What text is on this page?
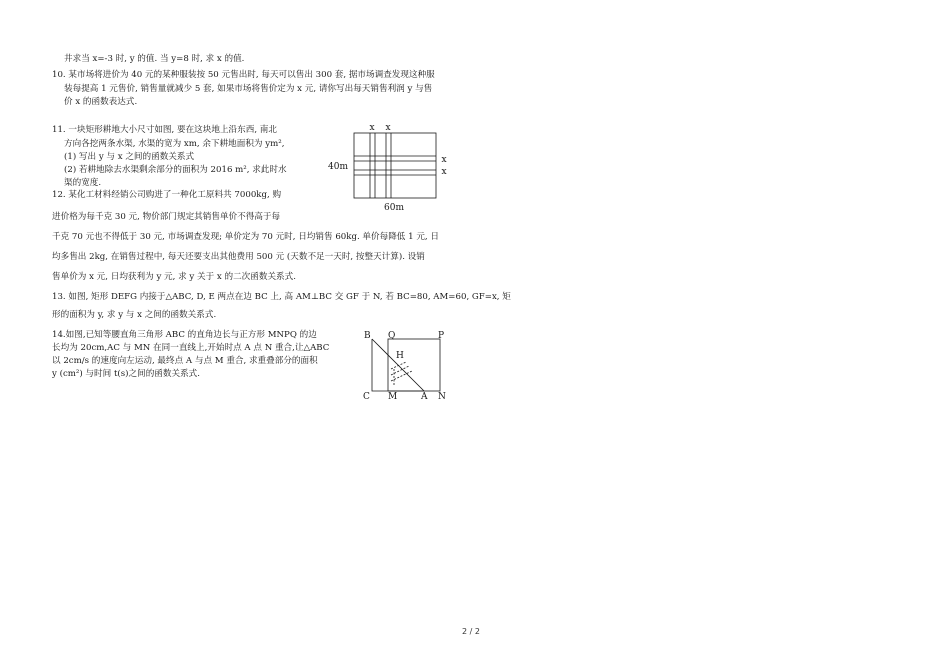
井求当 x=-3 时, y 的值. 当 y=8 时, 求 x 的值.
10. 某市场将进价为 40 元的某种服装按 50 元售出时, 每天可以售出 300 套, 据市场调查发现这种服
装每提高 1 元售价, 销售量就减少 5 套, 如果市场将售价定为 x 元, 请你写出每天销售利润 y 与售
价 x 的函数表达式.
11. 一块矩形耕地大小尺寸如图, 要在这块地上沿东西, 南北
方向各挖两条水渠, 水渠的宽为 xm, 余下耕地面积为 ym²,
(1) 写出 y 与 x 之间的函数关系式
(2) 若耕地除去水渠剩余部分的面积为 2016 m², 求此时水
渠的宽度.
12. 某化工材料经销公司购进了一种化工原料共 7000kg, 购
进价格为每千克 30 元, 物价部门规定其销售单价不得高于每
千克 70 元也不得低于 30 元, 市场调查发现; 单价定为 70 元时, 日均销售 60kg. 单价每降低 1 元, 日
均多售出 2kg, 在销售过程中, 每天还要支出其他费用 500 元 (天数不足一天时, 按整天计算). 设销
售单价为 x 元, 日均获利为 y 元, 求 y 关于 x 的二次函数关系式.
13. 如图, 矩形 DEFG 内接于△ABC, D, E 两点在边 BC 上, 高 AM⊥BC 交 GF 于 N, 若 BC=80, AM=60, GF=x, 矩
形的面积为 y, 求 y 与 x 之间的函数关系式.
14.如图,已知等腰直角三角形 ABC 的直角边长与正方形 MNPQ 的边
长均为 20cm,AC 与 MN 在同一直线上,开始时点 A 点 N 重合,让△ABC
以 2cm/s 的速度向左运动, 最终点 A 与点 M 重合, 求重叠部分的面积
y (cm²) 与时间 t(s)之间的函数关系式.
x x
x
x
40m
60m
B Q	P
H
C M	A N
2 / 2
